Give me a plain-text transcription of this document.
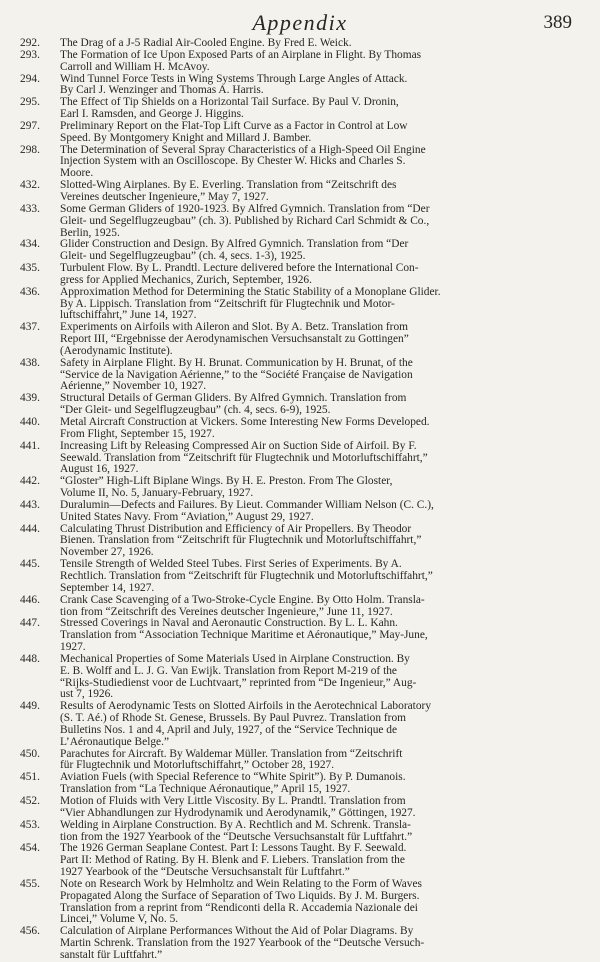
Appendix	389
292.	The Drag of a J-5 Radial Air-Cooled Engine. By Fred E. Weick.
293.	The Formation of Ice Upon Exposed Parts of an Airplane in Flight. By Thomas
Carroll and William H. McAvoy.
294.	Wind Tunnel Force Tests in Wing Systems Through Large Angles of Attack.
By Carl J. Wenzinger and Thomas A. Harris.
295.	The Effect of Tip Shields on a Horizontal Tail Surface. By Paul V. Dronin,
Earl I. Ramsden, and George J. Higgins.
297.	Preliminary Report on the Flat-Top Lift Curve as a Factor in Control at Low
Speed. By Montgomery Knight and Millard J. Bamber.
298.	The Determination of Several Spray Characteristics of a High-Speed Oil Engine
Injection System with an Oscilloscope. By Chester W. Hicks and Charles S.
Moore.
432.	Slotted-Wing Airplanes. By E. Everling. Translation from “Zeitschrift des
Vereines deutscher Ingenieure,” May 7, 1927.
433.	Some German Gliders of 1920-1923. By Alfred Gymnich. Translation from “Der
Gleit- und Segelflugzeugbau” (ch. 3). Published by Richard Carl Schmidt & Co.,
Berlin, 1925.
434.	Glider Construction and Design. By Alfred Gymnich. Translation from “Der
Gleit- und Segelflugzeugbau” (ch. 4, secs. 1-3), 1925.
435.	Turbulent Flow. By L. Prandtl. Lecture delivered before the International Con-
gress for Applied Mechanics, Zurich, September, 1926.
436.	Approximation Method for Determining the Static Stability of a Monoplane Glider.
By A. Lippisch. Translation from “Zeitschrift für Flugtechnik und Motor-
luftschiffahrt,” June 14, 1927.
437.	Experiments on Airfoils with Aileron and Slot. By A. Betz. Translation from
Report III, “Ergebnisse der Aerodynamischen Versuchsanstalt zu Gottingen”
(Aerodynamic Institute).
438.	Safety in Airplane Flight. By H. Brunat. Communication by H. Brunat, of the
“Service de la Navigation Aérienne,” to the “Société Française de Navigation
Aérienne,” November 10, 1927.
439.	Structural Details of German Gliders. By Alfred Gymnich. Translation from
“Der Gleit- und Segelflugzeugbau” (ch. 4, secs. 6-9), 1925.
440.	Metal Aircraft Construction at Vickers. Some Interesting New Forms Developed.
From Flight, September 15, 1927.
441.	Increasing Lift by Releasing Compressed Air on Suction Side of Airfoil. By F.
Seewald. Translation from “Zeitschrift für Flugtechnik und Motorluftschiffahrt,”
August 16, 1927.
442.	“Gloster” High-Lift Biplane Wings. By H. E. Preston. From The Gloster,
Volume II, No. 5, January-February, 1927.
443.	Duralumin—Defects and Failures. By Lieut. Commander William Nelson (C. C.),
United States Navy. From “Aviation,” August 29, 1927.
444.	Calculating Thrust Distribution and Efficiency of Air Propellers. By Theodor
Bienen. Translation from “Zeitschrift für Flugtechnik und Motorluftschiffahrt,”
November 27, 1926.
445.	Tensile Strength of Welded Steel Tubes. First Series of Experiments. By A.
Rechtlich. Translation from “Zeitschrift für Flugtechnik und Motorluftschiffahrt,”
September 14, 1927.
446.	Crank Case Scavenging of a Two-Stroke-Cycle Engine. By Otto Holm. Transla-
tion from “Zeitschrift des Vereines deutscher Ingenieure,” June 11, 1927.
447.	Stressed Coverings in Naval and Aeronautic Construction. By L. L. Kahn.
Translation from “Association Technique Maritime et Aéronautique,” May-June,
1927.
448.	Mechanical Properties of Some Materials Used in Airplane Construction. By
E. B. Wolff and L. J. G. Van Ewijk. Translation from Report M-219 of the
“Rijks-Studiedienst voor de Luchtvaart,” reprinted from “De Ingenieur,” Aug-
ust 7, 1926.
449.	Results of Aerodynamic Tests on Slotted Airfoils in the Aerotechnical Laboratory
(S. T. Aé.) of Rhode St. Genese, Brussels. By Paul Puvrez. Translation from
Bulletins Nos. 1 and 4, April and July, 1927, of the “Service Technique de
L’Aéronautique Belge.”
450.	Parachutes for Aircraft. By Waldemar Müller. Translation from “Zeitschrift
für Flugtechnik und Motorluftschiffahrt,” October 28, 1927.
451.	Aviation Fuels (with Special Reference to “White Spirit”). By P. Dumanois.
Translation from “La Technique Aéronautique,” April 15, 1927.
452.	Motion of Fluids with Very Little Viscosity. By L. Prandtl. Translation from
“Vier Abhandlungen zur Hydrodynamik und Aerodynamik,” Göttingen, 1927.
453.	Welding in Airplane Construction. By A. Rechtlich and M. Schrenk. Transla-
tion from the 1927 Yearbook of the “Deutsche Versuchsanstalt für Luftfahrt.”
454.	The 1926 German Seaplane Contest. Part I: Lessons Taught. By F. Seewald.
Part II: Method of Rating. By H. Blenk and F. Liebers. Translation from the
1927 Yearbook of the “Deutsche Versuchsanstalt für Luftfahrt.”
455.	Note on Research Work by Helmholtz and Wein Relating to the Form of Waves
Propagated Along the Surface of Separation of Two Liquids. By J. M. Burgers.
Translation from a reprint from “Rendiconti della R. Accademia Nazionale dei
Lincei,” Volume V, No. 5.
456.	Calculation of Airplane Performances Without the Aid of Polar Diagrams. By
Martin Schrenk. Translation from the 1927 Yearbook of the “Deutsche Versuch-
sanstalt für Luftfahrt.”
